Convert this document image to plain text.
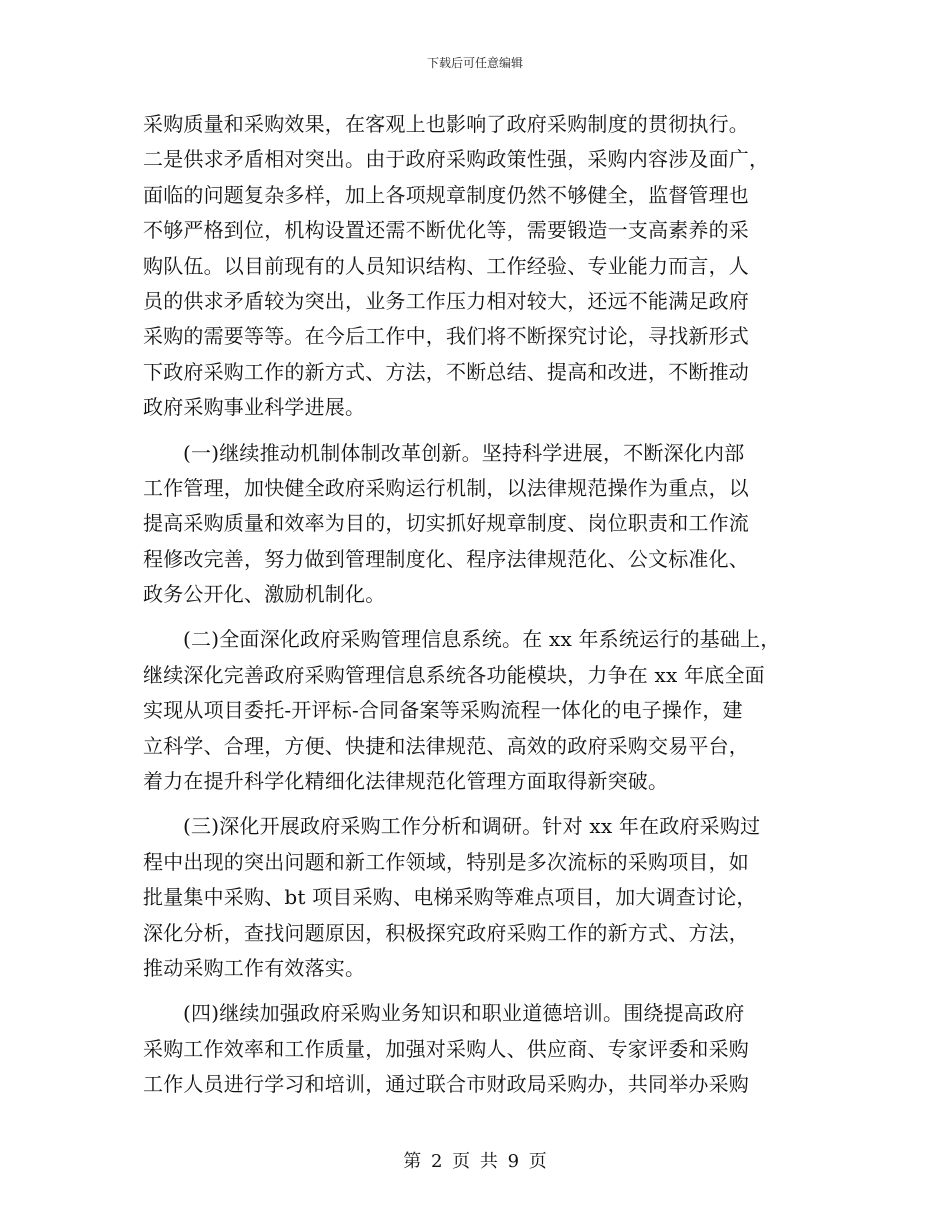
下载后可任意编辑
采购质量和采购效果，在客观上也影响了政府采购制度的贯彻执行。
二是供求矛盾相对突出。由于政府采购政策性强，采购内容涉及面广，
面临的问题复杂多样，加上各项规章制度仍然不够健全，监督管理也
不够严格到位，机构设置还需不断优化等，需要锻造一支高素养的采
购队伍。以目前现有的人员知识结构、工作经验、专业能力而言，人
员的供求矛盾较为突出，业务工作压力相对较大，还远不能满足政府
采购的需要等等。在今后工作中，我们将不断探究讨论，寻找新形式
下政府采购工作的新方式、方法，不断总结、提高和改进，不断推动
政府采购事业科学进展。
(一)继续推动机制体制改革创新。坚持科学进展，不断深化内部
工作管理，加快健全政府采购运行机制，以法律规范操作为重点，以
提高采购质量和效率为目的，切实抓好规章制度、岗位职责和工作流
程修改完善，努力做到管理制度化、程序法律规范化、公文标准化、
政务公开化、激励机制化。
(二)全面深化政府采购管理信息系统。在 xx 年系统运行的基础上，
继续深化完善政府采购管理信息系统各功能模块，力争在 xx 年底全面
实现从项目委托-开评标-合同备案等采购流程一体化的电子操作，建
立科学、合理，方便、快捷和法律规范、高效的政府采购交易平台，
着力在提升科学化精细化法律规范化管理方面取得新突破。
(三)深化开展政府采购工作分析和调研。针对 xx 年在政府采购过
程中出现的突出问题和新工作领域，特别是多次流标的采购项目，如
批量集中采购、bt 项目采购、电梯采购等难点项目，加大调查讨论，
深化分析，查找问题原因，积极探究政府采购工作的新方式、方法，
推动采购工作有效落实。
(四)继续加强政府采购业务知识和职业道德培训。围绕提高政府
采购工作效率和工作质量，加强对采购人、供应商、专家评委和采购
工作人员进行学习和培训，通过联合市财政局采购办，共同举办采购
第 2 页 共 9 页
